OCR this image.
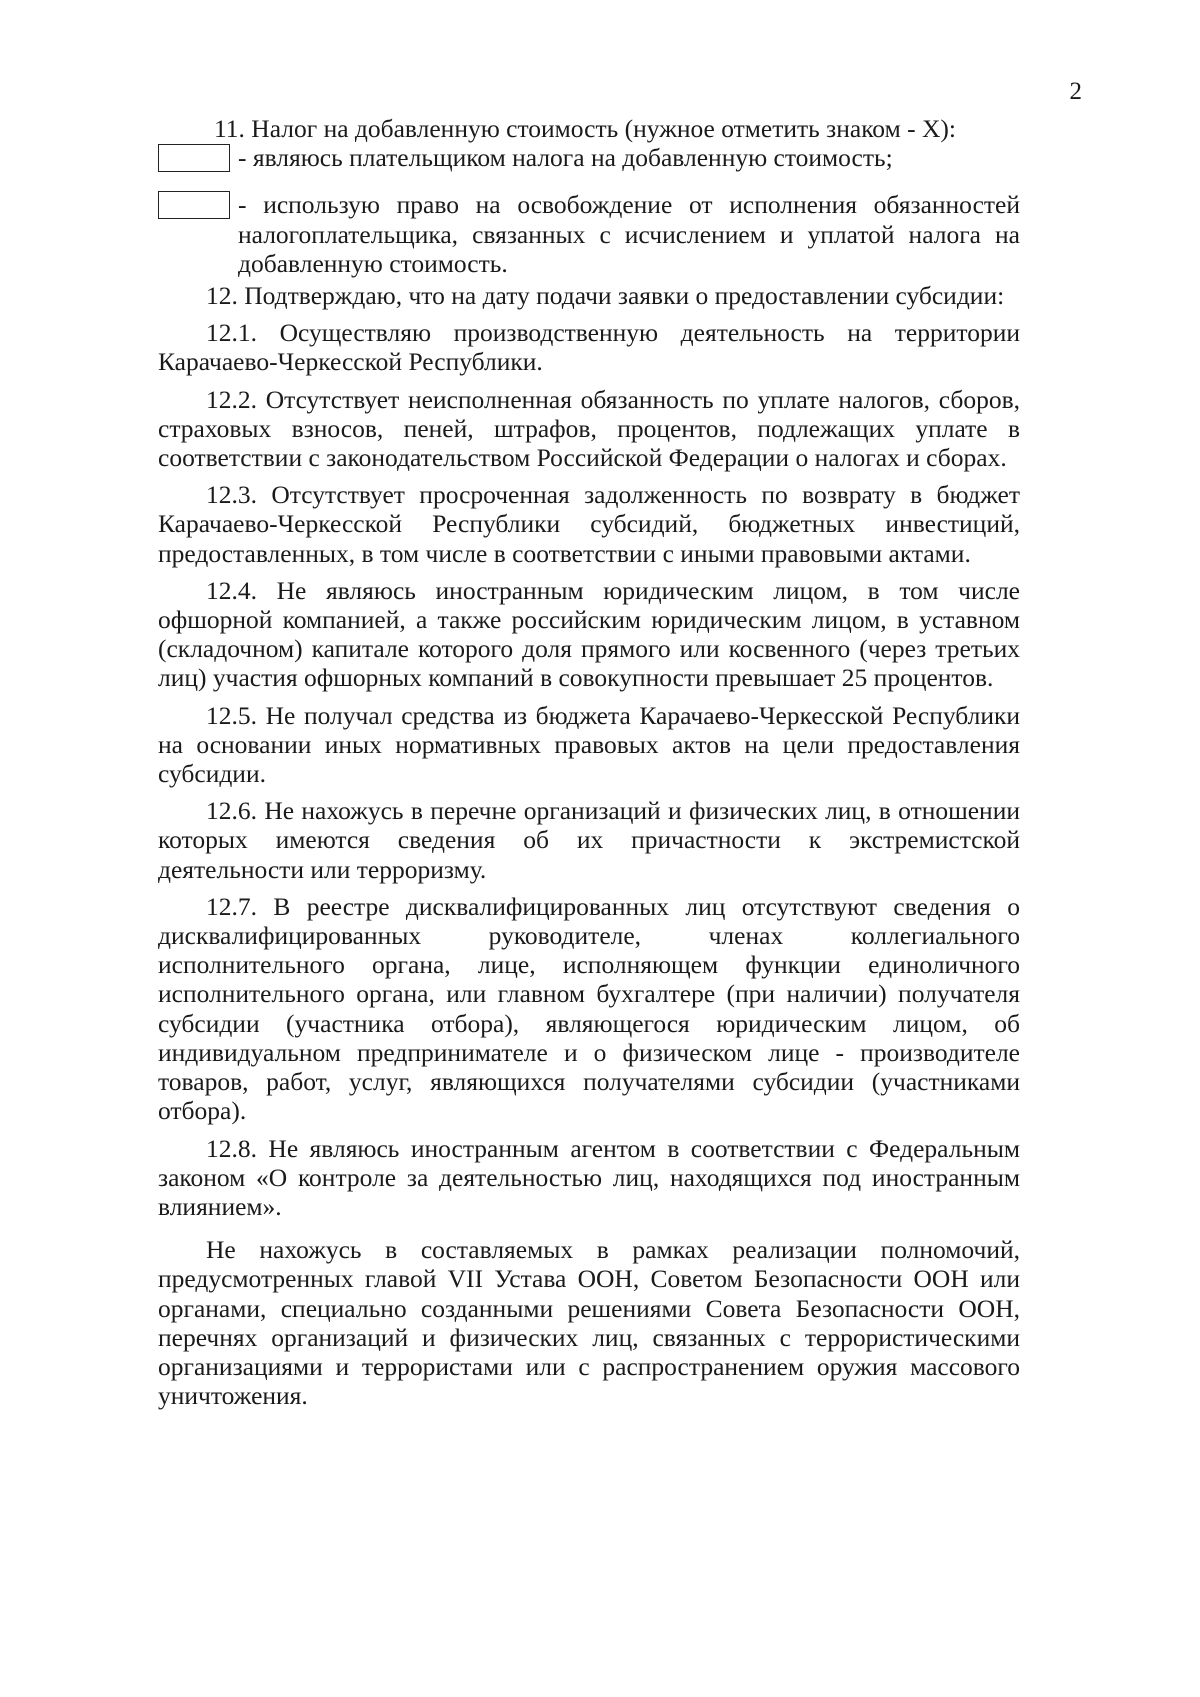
2

11. Налог на добавленную стоимость (нужное отметить знаком - Х):

- являюсь плательщиком налога на добавленную стоимость;
- использую право на освобождение от исполнения обязанностей налогоплательщика, связанных с исчислением и уплатой налога на добавленную стоимость.

12. Подтверждаю, что на дату подачи заявки о предоставлении субсидии:

12.1. Осуществляю производственную деятельность на территории Карачаево-Черкесской Республики.

12.2. Отсутствует неисполненная обязанность по уплате налогов, сборов, страховых взносов, пеней, штрафов, процентов, подлежащих уплате в соответствии с законодательством Российской Федерации о налогах и сборах.

12.3. Отсутствует просроченная задолженность по возврату в бюджет Карачаево-Черкесской Республики субсидий, бюджетных инвестиций, предоставленных, в том числе в соответствии с иными правовыми актами.

12.4. Не являюсь иностранным юридическим лицом, в том числе офшорной компанией, а также российским юридическим лицом, в уставном (складочном) капитале которого доля прямого или косвенного (через третьих лиц) участия офшорных компаний в совокупности превышает 25 процентов.

12.5. Не получал средства из бюджета Карачаево-Черкесской Республики на основании иных нормативных правовых актов на цели предоставления субсидии.

12.6. Не нахожусь в перечне организаций и физических лиц, в отношении которых имеются сведения об их причастности к экстремистской деятельности или терроризму.

12.7. В реестре дисквалифицированных лиц отсутствуют сведения о дисквалифицированных руководителе, членах коллегиального исполнительного органа, лице, исполняющем функции единоличного исполнительного органа, или главном бухгалтере (при наличии) получателя субсидии (участника отбора), являющегося юридическим лицом, об индивидуальном предпринимателе и о физическом лице - производителе товаров, работ, услуг, являющихся получателями субсидии (участниками отбора).

12.8. Не являюсь иностранным агентом в соответствии с Федеральным законом «О контроле за деятельностью лиц, находящихся под иностранным влиянием».

Не нахожусь в составляемых в рамках реализации полномочий, предусмотренных главой VII Устава ООН, Советом Безопасности ООН или органами, специально созданными решениями Совета Безопасности ООН, перечнях организаций и физических лиц, связанных с террористическими организациями и террористами или с распространением оружия массового уничтожения.
